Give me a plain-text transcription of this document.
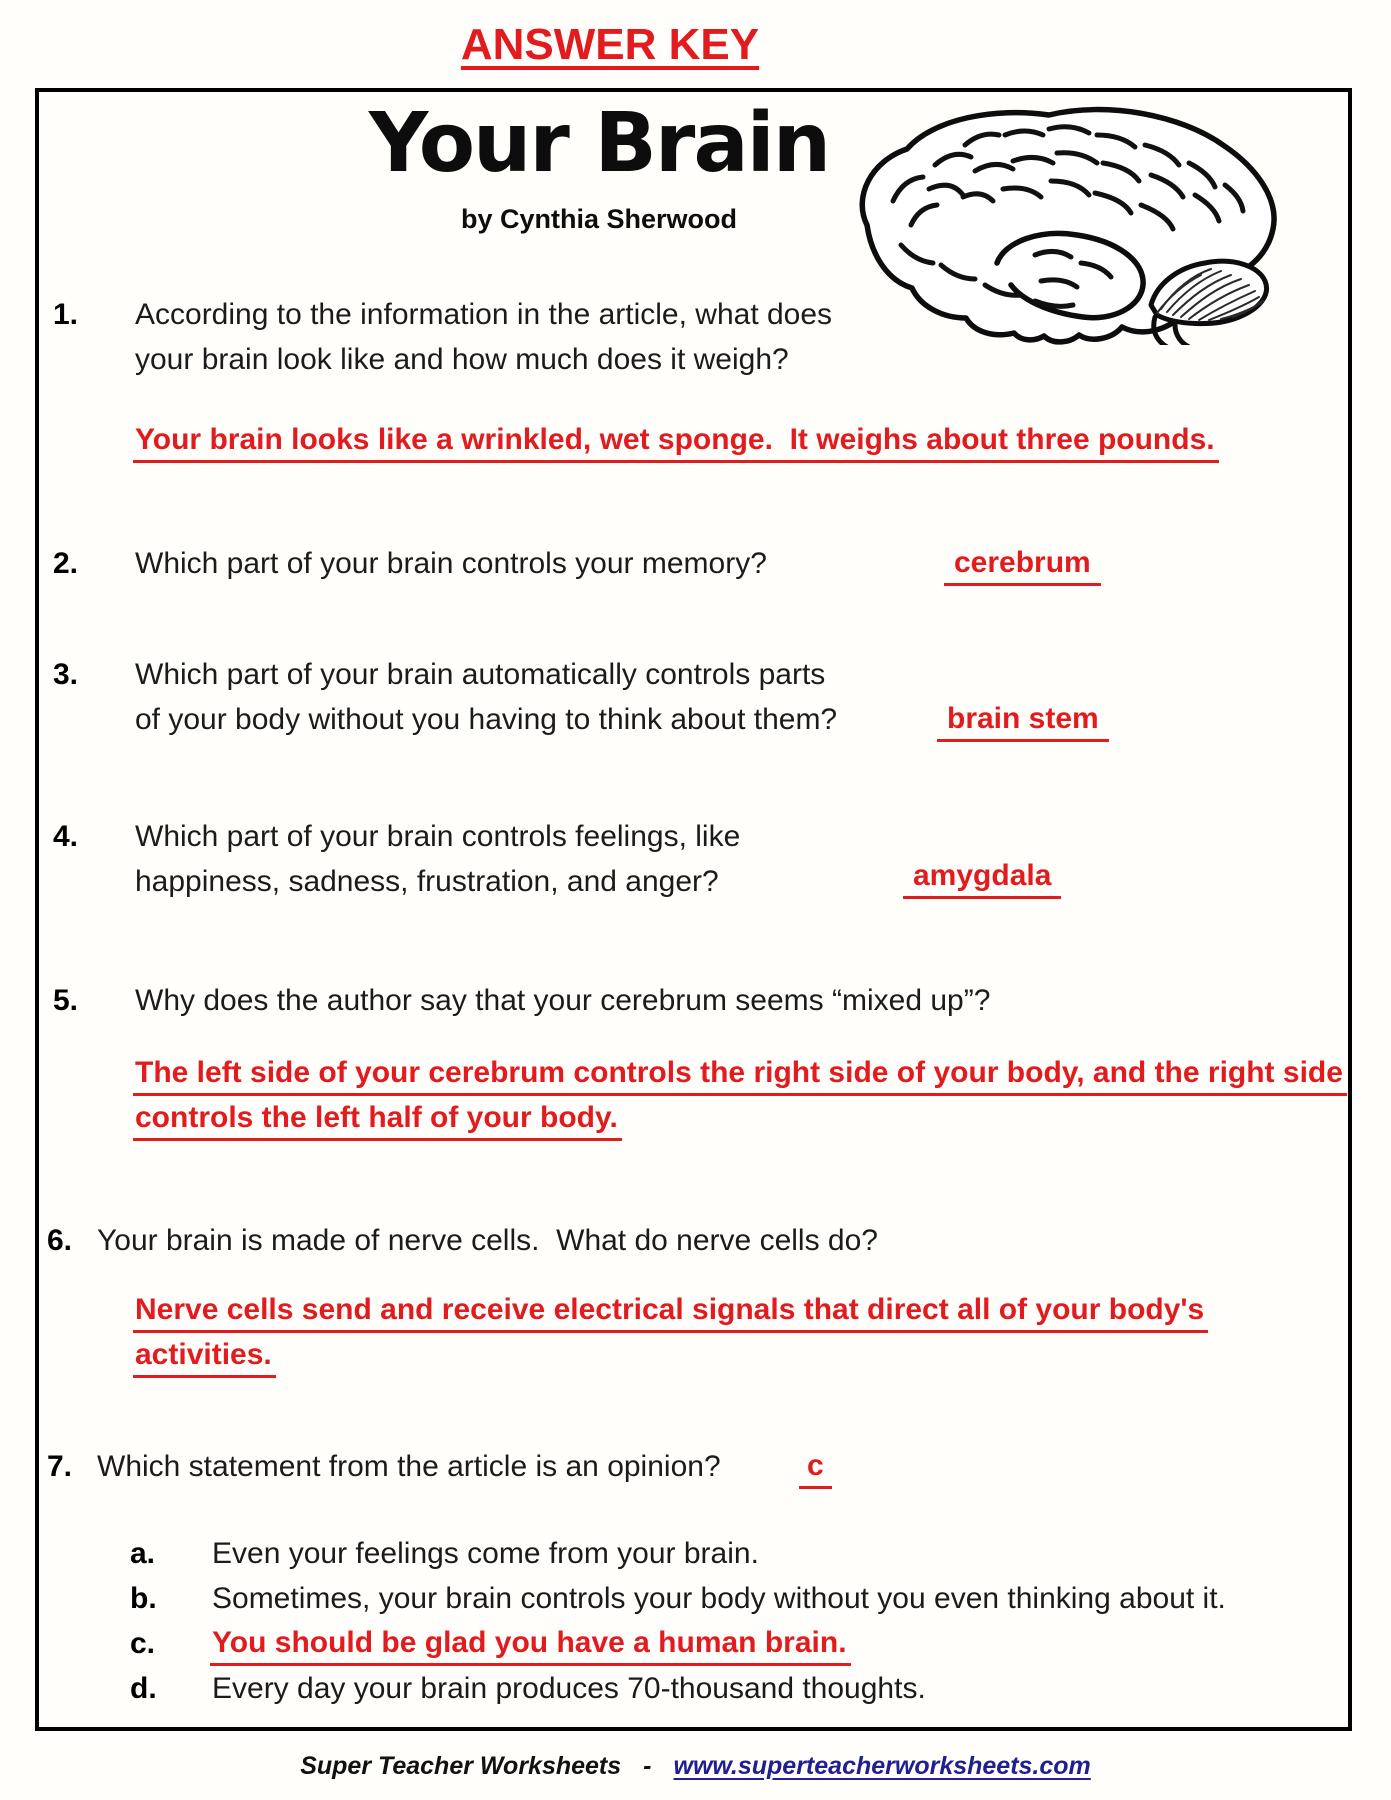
ANSWER KEY
Your Brain
by Cynthia Sherwood
1. According to the information in the article, what does
your brain look like and how much does it weigh?
Your brain looks like a wrinkled, wet sponge.  It weighs about three pounds.
2. Which part of your brain controls your memory?	cerebrum
3. Which part of your brain automatically controls parts
of your body without you having to think about them?	brain stem
4. Which part of your brain controls feelings, like
happiness, sadness, frustration, and anger?	amygdala
5. Why does the author say that your cerebrum seems “mixed up”?
The left side of your cerebrum controls the right side of your body, and the right side
controls the left half of your body.
6. Your brain is made of nerve cells.  What do nerve cells do?
Nerve cells send and receive electrical signals that direct all of your body's
activities.
7. Which statement from the article is an opinion?	c
a. Even your feelings come from your brain.
b. Sometimes, your brain controls your body without you even thinking about it.
c. You should be glad you have a human brain.
d. Every day your brain produces 70-thousand thoughts.
Super Teacher Worksheets - www.superteacherworksheets.com
